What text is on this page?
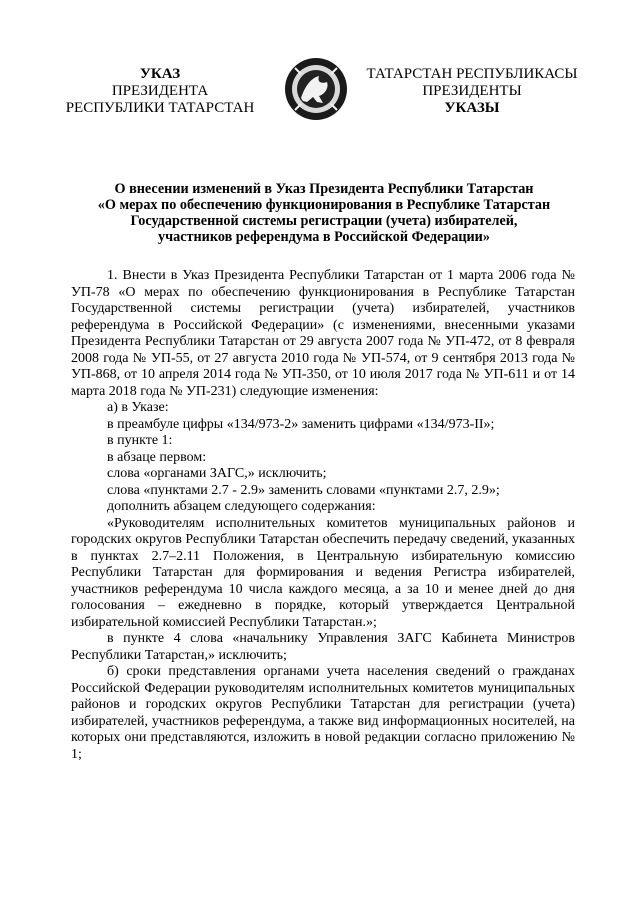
УКАЗ
ПРЕЗИДЕНТА
РЕСПУБЛИКИ ТАТАРСТАН
ТАТАРСТАН РЕСПУБЛИКАСЫ
ПРЕЗИДЕНТЫ
УКАЗЫ
О внесении изменений в Указ Президента Республики Татарстан
«О мерах по обеспечению функционирования в Республике Татарстан
Государственной системы регистрации (учета) избирателей,
участников референдума в Российской Федерации»

1. Внести в Указ Президента Республики Татарстан от 1 марта 2006 года № УП-78 «О мерах по обеспечению функционирования в Республике Татарстан Государственной системы регистрации (учета) избирателей, участников референдума в Российской Федерации» (с изменениями, внесенными указами Президента Республики Татарстан от 29 августа 2007 года № УП-472, от 8 февраля 2008 года № УП-55, от 27 августа 2010 года № УП-574, от 9 сентября 2013 года № УП-868, от 10 апреля 2014 года № УП-350, от 10 июля 2017 года № УП-611 и от 14 марта 2018 года № УП-231) следующие изменения:

а) в Указе:

в преамбуле цифры «134/973-2» заменить цифрами «134/973-II»;

в пункте 1:

в абзаце первом:

слова «органами ЗАГС,» исключить;

слова «пунктами 2.7 - 2.9» заменить словами «пунктами 2.7, 2.9»;

дополнить абзацем следующего содержания:

«Руководителям исполнительных комитетов муниципальных районов и городских округов Республики Татарстан обеспечить передачу сведений, указанных в пунктах 2.7–2.11 Положения, в Центральную избирательную комиссию Республики Татарстан для формирования и ведения Регистра избирателей, участников референдума 10 числа каждого месяца, а за 10 и менее дней до дня голосования – ежедневно в порядке, который утверждается Центральной избирательной комиссией Республики Татарстан.»;

в пункте 4 слова «начальнику Управления ЗАГС Кабинета Министров Республики Татарстан,» исключить;

б) сроки представления органами учета населения сведений о гражданах Российской Федерации руководителям исполнительных комитетов муниципальных районов и городских округов Республики Татарстан для регистрации (учета) избирателей, участников референдума, а также вид информационных носителей, на которых они представляются, изложить в новой редакции согласно приложению № 1;
